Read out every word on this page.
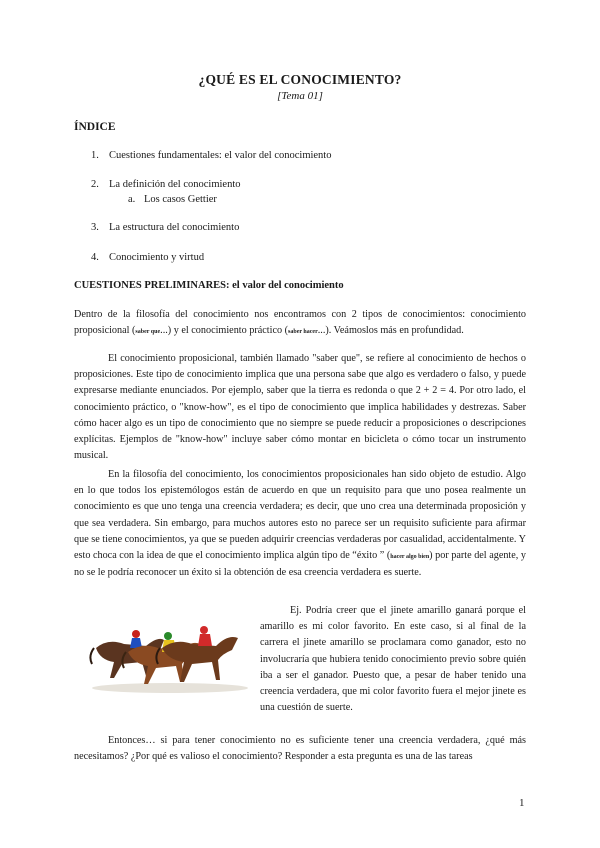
¿QUÉ ES EL CONOCIMIENTO?
[Tema 01]
ÍNDICE
1. Cuestiones fundamentales: el valor del conocimiento
2. La definición del conocimiento
a. Los casos Gettier
3. La estructura del conocimiento
4. Conocimiento y virtud
CUESTIONES PRELIMINARES: el valor del conocimiento

Dentro de la filosofía del conocimiento nos encontramos con 2 tipos de conocimientos: conocimiento proposicional (saber que...) y el conocimiento práctico (saber hacer...). Veámoslos más en profundidad.

El conocimiento proposicional, también llamado "saber que", se refiere al conocimiento de hechos o proposiciones. Este tipo de conocimiento implica que una persona sabe que algo es verdadero o falso, y puede expresarse mediante enunciados. Por ejemplo, saber que la tierra es redonda o que 2 + 2 = 4. Por otro lado, el conocimiento práctico, o "know-how", es el tipo de conocimiento que implica habilidades y destrezas. Saber cómo hacer algo es un tipo de conocimiento que no siempre se puede reducir a proposiciones o descripciones explícitas. Ejemplos de "know-how" incluye saber cómo montar en bicicleta o cómo tocar un instrumento musical.

En la filosofía del conocimiento, los conocimientos proposicionales han sido objeto de estudio. Algo en lo que todos los epistemólogos están de acuerdo en que un requisito para que uno posea realmente un conocimiento es que uno tenga una creencia verdadera; es decir, que uno crea una determinada proposición y que sea verdadera. Sin embargo, para muchos autores esto no parece ser un requisito suficiente para afirmar que se tiene conocimientos, ya que se pueden adquirir creencias verdaderas por casualidad, accidentalmente. Y esto choca con la idea de que el conocimiento implica algún tipo de “éxito ” (hacer algo bien) por parte del agente, y no se le podría reconocer un éxito si la obtención de esa creencia verdadera es suerte.

Ej. Podría creer que el jinete amarillo ganará porque el amarillo es mi color favorito. En este caso, si al final de la carrera el jinete amarillo se proclamara como ganador, esto no involucraría que hubiera tenido conocimiento previo sobre quién iba a ser el ganador. Puesto que, a pesar de haber tenido una creencia verdadera, que mi color favorito fuera el mejor jinete es una cuestión de suerte.

Entonces… si para tener conocimiento no es suficiente tener una creencia verdadera, ¿qué más necesitamos? ¿Por qué es valioso el conocimiento? Responder a esta pregunta es una de las tareas

1
